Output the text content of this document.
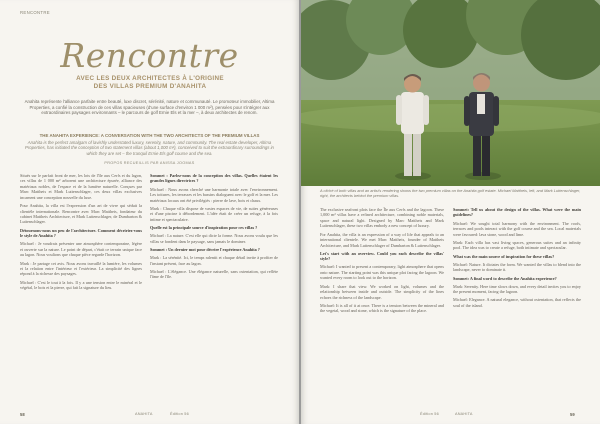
RENCONTRE
Rencontre
AVEC LES DEUX ARCHITECTES À L'ORIGINE
DES VILLAS PREMIUM D'ANAHITA
Anahita représente l'alliance parfaite entre beauté, luxe discret, sérénité, nature et communauté. Le promoteur immobilier, Altima Properties, a confié la construction de ces villas spacieuses (d'une surface d'environ 1 000 m²), pensées pour s'intégrer aux extraordinaires paysages environnants – le parcours de golf Ernie Els et la mer –, à deux architectes de renom.
THE ANAHITA EXPERIENCE: A CONVERSATION WITH THE TWO ARCHITECTS OF THE PREMIUM VILLAS
Anahita is the perfect amalgam of lavishly understated luxury, serenity, nature, and community. The real estate developer, Altima Properties, has initiated the conception of two statement villas (about 1,000 m²), conceived to suit the extraordinary surroundings in which they are set – the tranquil Ernie Els golf course and the sea.
PROPOS RECUEILLIS PAR ANISSA JOOMAS

Situés sur le parfait front de mer, les lots de l'île aux Cerfs et du lagon, ces villas de 1 000 m² arborent une architecture épurée, alliance des matériaux nobles, de l'espace et de la lumière naturelle. Conçues par Marc Mattheis et Mark Luttenschlager, ces deux villas exclusives incarnent une conception nouvelle du luxe.

Pour Anahita, la villa est l'expression d'un art de vivre qui séduit la clientèle internationale. Rencontre avec Marc Mattheis, fondateur du cabinet Mattheis Architecture, et Mark Luttenschlager, de Dumbarton & Luttenschlager.

Détournons-nous un peu de l'architecture. Comment décririez-vous le style de Anahita ?

Michael : Je voudrais présenter une atmosphère contemporaine, légère et ouverte sur la nature. Le point de départ, c'était ce terrain unique face au lagon. Nous voulions que chaque pièce regarde l'horizon.

Mark : Je partage cet avis. Nous avons travaillé la lumière, les volumes et la relation entre l'intérieur et l'extérieur. La simplicité des lignes répond à la richesse des paysages.

Michael : C'est le tout à la fois. Il y a une tension entre le minéral et le végétal, le bois et la pierre, qui fait la signature du lieu.

Sommet : Parlez-nous de la conception des villas. Quelles étaient les grandes lignes directrices ?

Michael : Nous avons cherché une harmonie totale avec l'environnement. Les toitures, les terrasses et les bassins dialoguent avec le golf et la mer. Les matériaux locaux ont été privilégiés : pierre de lave, bois et chaux.

Mark : Chaque villa dispose de vastes espaces de vie, de suites généreuses et d'une piscine à débordement. L'idée était de créer un refuge, à la fois intime et spectaculaire.

Quelle est la principale source d'inspiration pour ces villas ?

Michael : La nature. C'est elle qui dicte la forme. Nous avons voulu que les villas se fondent dans le paysage, sans jamais le dominer.

Sommet : Un dernier mot pour décrire l'expérience Anahita ?

Mark : La sérénité. Ici, le temps ralentit et chaque détail invite à profiter de l'instant présent, face au lagon.

Michael : L'élégance. Une élégance naturelle, sans ostentation, qui reflète l'âme de l'île.

58	ANAHITA	Édition 56
A cliché of both villas and an artist's rendering shows the two premium villas on the Anahita golf estate. Michael Mattheis, left, and Mark Luttenschlager, right, the architects behind the premium villas.

The exclusive seafront plots face the Île aux Cerfs and the lagoon. These 1,000 m² villas have a refined architecture, combining noble materials, space and natural light. Designed by Marc Mattheis and Mark Luttenschlager, these two villas embody a new concept of luxury.

For Anahita, the villa is an expression of a way of life that appeals to an international clientele. We met Marc Mattheis, founder of Mattheis Architecture, and Mark Luttenschlager of Dumbarton & Luttenschlager.

Let's start with an overview. Could you each describe the villas' style?

Michael: I wanted to present a contemporary, light atmosphere that opens onto nature. The starting point was this unique plot facing the lagoon. We wanted every room to look out to the horizon.

Mark: I share that view. We worked on light, volumes and the relationship between inside and outside. The simplicity of the lines echoes the richness of the landscape.

Michael: It is all of it at once. There is a tension between the mineral and the vegetal, wood and stone, which is the signature of the place.

Sommet: Tell us about the design of the villas. What were the main guidelines?

Michael: We sought total harmony with the environment. The roofs, terraces and pools interact with the golf course and the sea. Local materials were favoured: lava stone, wood and lime.

Mark: Each villa has vast living spaces, generous suites and an infinity pool. The idea was to create a refuge, both intimate and spectacular.

What was the main source of inspiration for these villas?

Michael: Nature. It dictates the form. We wanted the villas to blend into the landscape, never to dominate it.

Sommet: A final word to describe the Anahita experience?

Mark: Serenity. Here time slows down, and every detail invites you to enjoy the present moment, facing the lagoon.

Michael: Elegance. A natural elegance, without ostentation, that reflects the soul of the island.

Édition 56	ANAHITA	59
